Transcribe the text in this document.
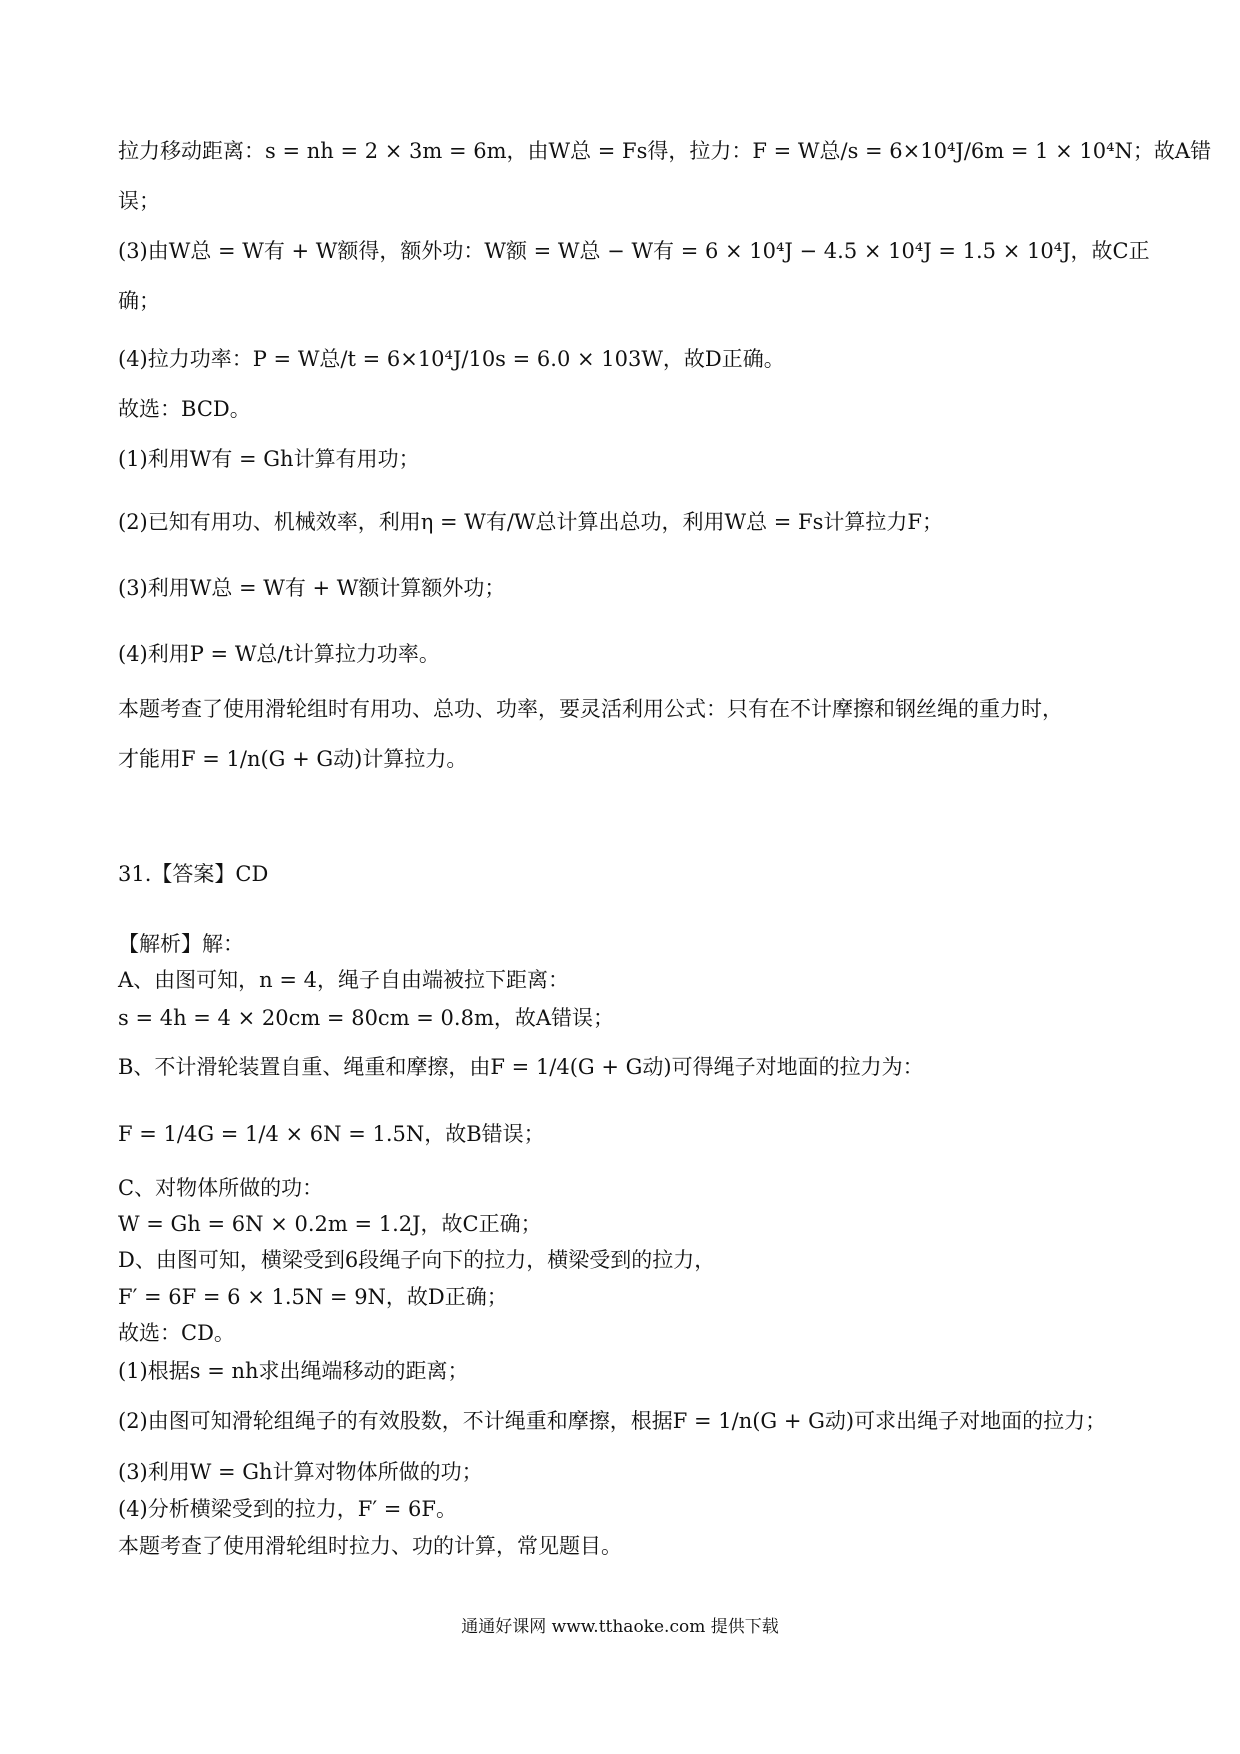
拉力移动距离：s = nh = 2 × 3m = 6m，由W总 = Fs得，拉力：F = W总/s = 6×10⁴J/6m = 1 × 10⁴N；故A错
误；
(3)由W总 = W有 + W额得，额外功：W额 = W总 − W有 = 6 × 10⁴J − 4.5 × 10⁴J = 1.5 × 10⁴J，故C正
确；
(4)拉力功率：P = W总/t = 6×10⁴J/10s = 6.0 × 103W，故D正确。
故选：BCD。
(1)利用W有 = Gh计算有用功；
(2)已知有用功、机械效率，利用η = W有/W总计算出总功，利用W总 = Fs计算拉力F；
(3)利用W总 = W有 + W额计算额外功；
(4)利用P = W总/t计算拉力功率。
本题考查了使用滑轮组时有用功、总功、功率，要灵活利用公式：只有在不计摩擦和钢丝绳的重力时，
才能用F = 1/n(G + G动)计算拉力。
31.【答案】CD
【解析】解：
A、由图可知，n = 4，绳子自由端被拉下距离：
s = 4h = 4 × 20cm = 80cm = 0.8m，故A错误；
B、不计滑轮装置自重、绳重和摩擦，由F = 1/4(G + G动)可得绳子对地面的拉力为：
F = 1/4G = 1/4 × 6N = 1.5N，故B错误；
C、对物体所做的功：
W = Gh = 6N × 0.2m = 1.2J，故C正确；
D、由图可知，横梁受到6段绳子向下的拉力，横梁受到的拉力，
F′ = 6F = 6 × 1.5N = 9N，故D正确；
故选：CD。
(1)根据s = nh求出绳端移动的距离；
(2)由图可知滑轮组绳子的有效股数，不计绳重和摩擦，根据F = 1/n(G + G动)可求出绳子对地面的拉力；
(3)利用W = Gh计算对物体所做的功；
(4)分析横梁受到的拉力，F′ = 6F。
本题考查了使用滑轮组时拉力、功的计算，常见题目。
通通好课网 www.tthaoke.com 提供下载
